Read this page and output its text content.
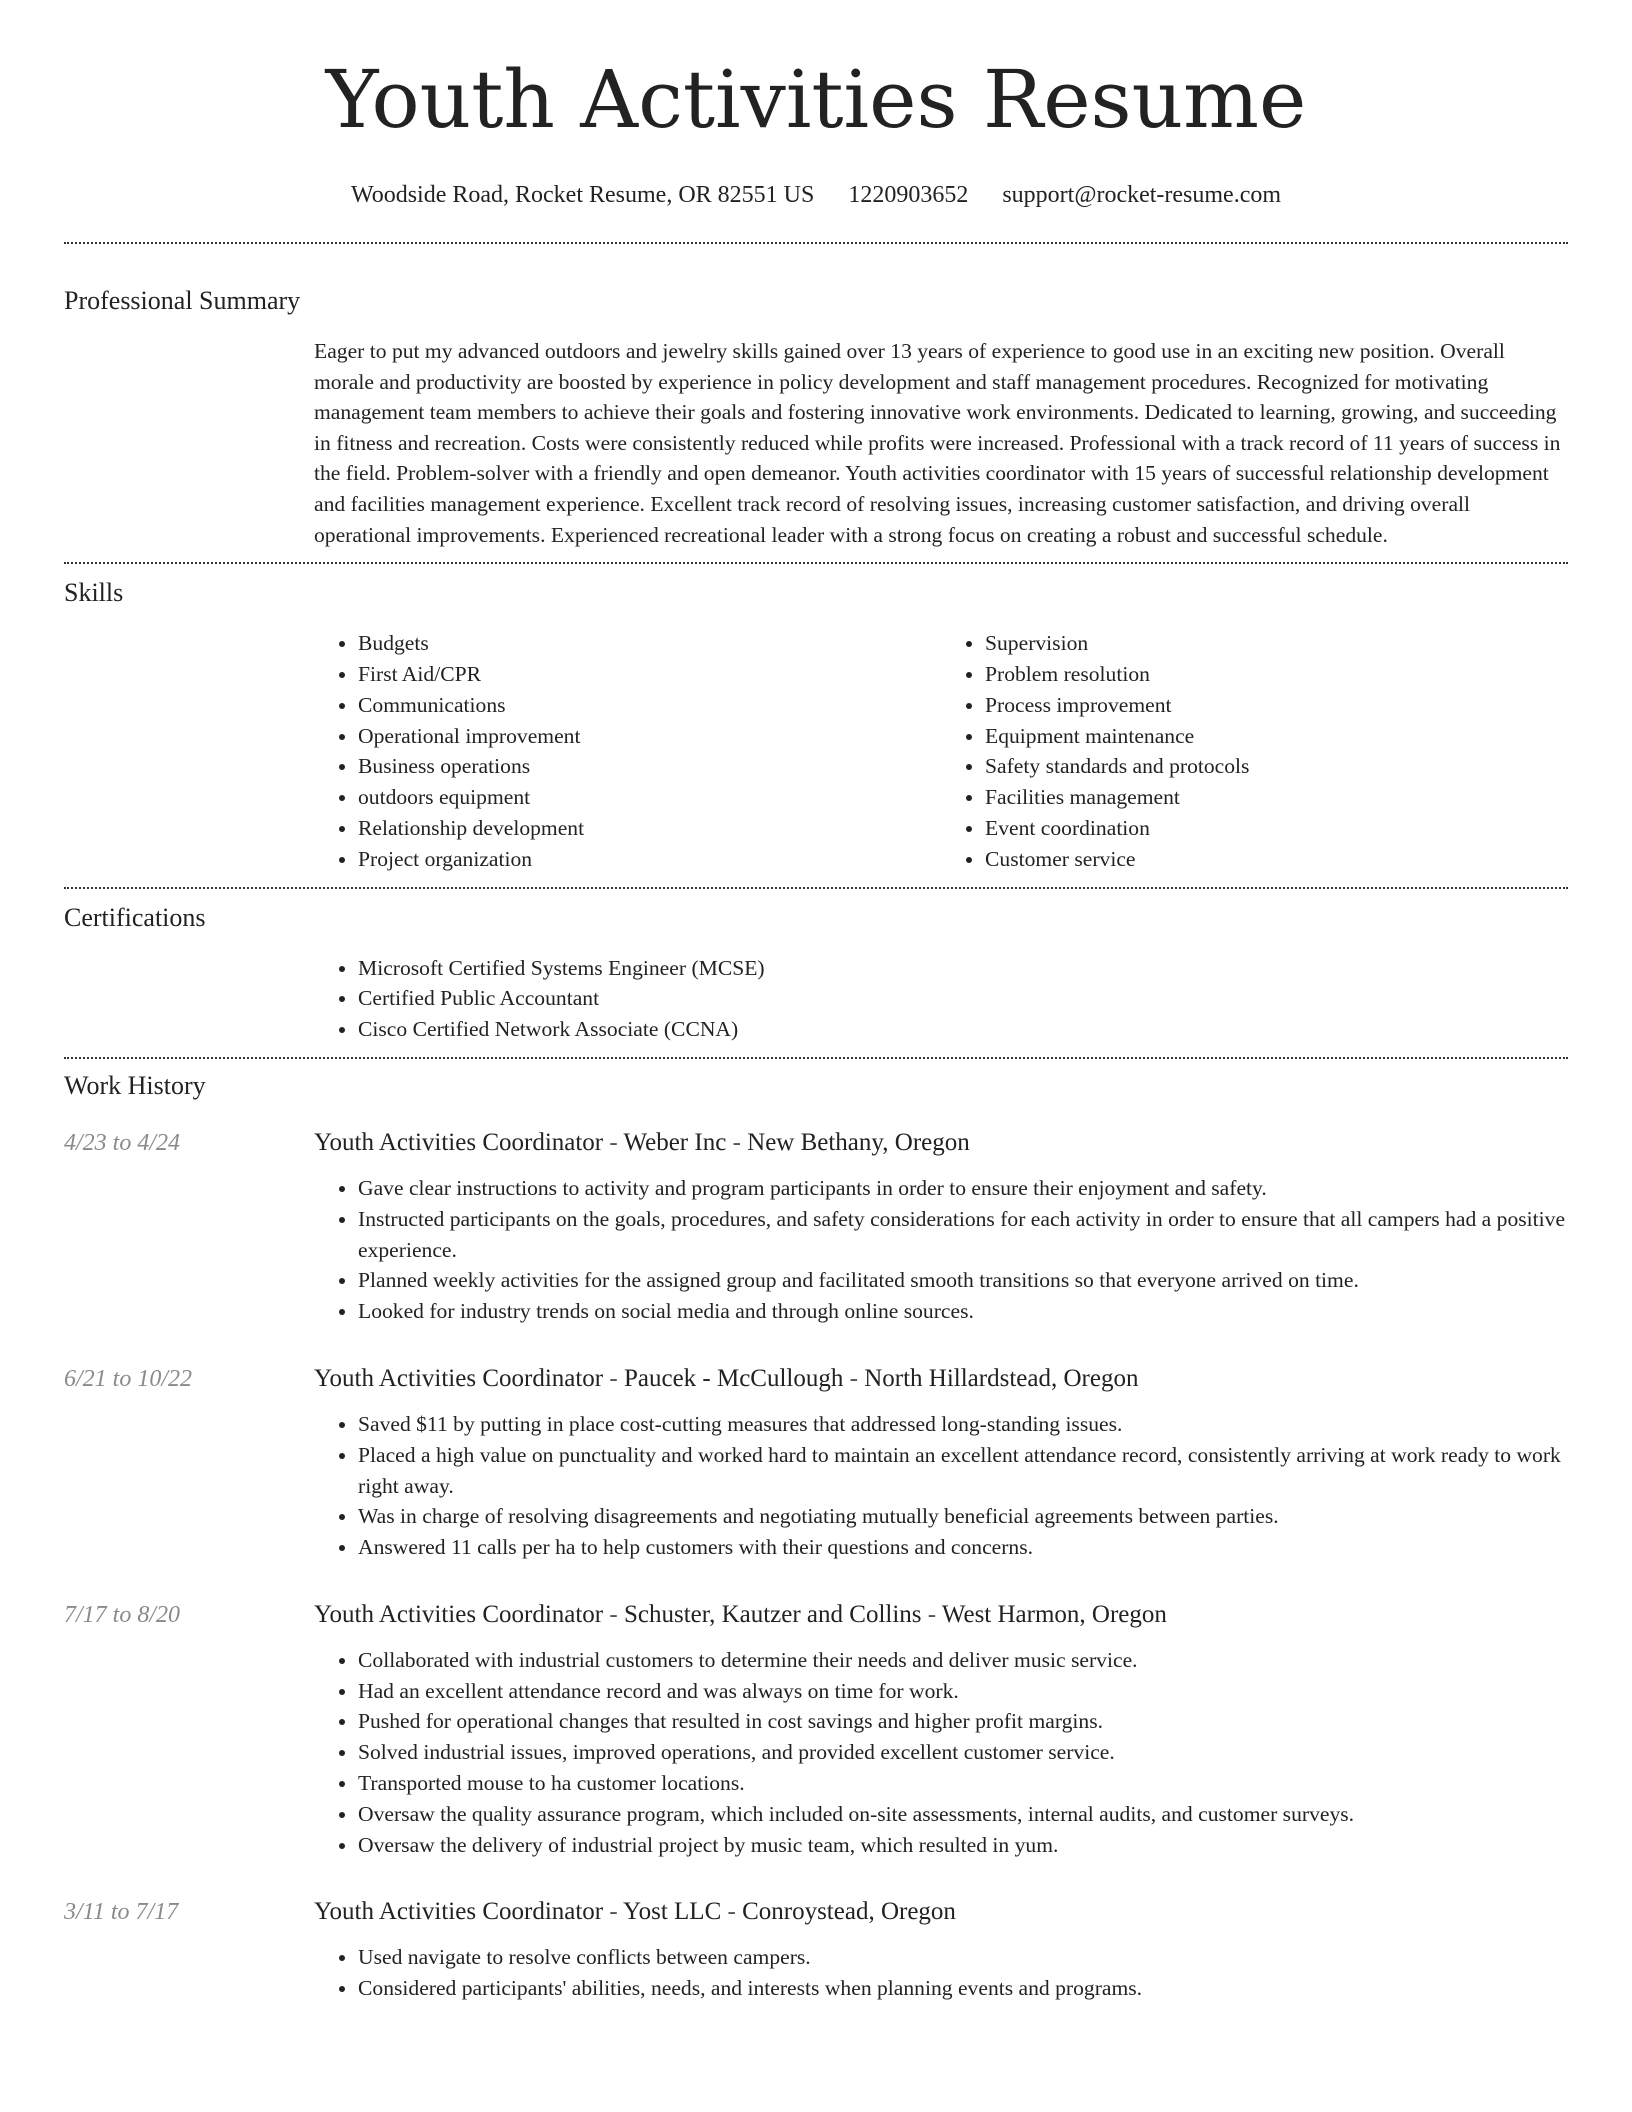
Youth Activities Resume
Woodside Road, Rocket Resume, OR 82551 US 1220903652 support@rocket-resume.com
Professional Summary
Eager to put my advanced outdoors and jewelry skills gained over 13 years of experience to good use in an exciting new position. Overall morale and productivity are boosted by experience in policy development and staff management procedures. Recognized for motivating management team members to achieve their goals and fostering innovative work environments. Dedicated to learning, growing, and succeeding in fitness and recreation. Costs were consistently reduced while profits were increased. Professional with a track record of 11 years of success in the field. Problem-solver with a friendly and open demeanor. Youth activities coordinator with 15 years of successful relationship development and facilities management experience. Excellent track record of resolving issues, increasing customer satisfaction, and driving overall operational improvements. Experienced recreational leader with a strong focus on creating a robust and successful schedule.
Skills
• Budgets
• First Aid/CPR
• Communications
• Operational improvement
• Business operations
• outdoors equipment
• Relationship development
• Project organization
• Supervision
• Problem resolution
• Process improvement
• Equipment maintenance
• Safety standards and protocols
• Facilities management
• Event coordination
• Customer service
Certifications
• Microsoft Certified Systems Engineer (MCSE)
• Certified Public Accountant
• Cisco Certified Network Associate (CCNA)
Work History
4/23 to 4/24	Youth Activities Coordinator - Weber Inc - New Bethany, Oregon
• Gave clear instructions to activity and program participants in order to ensure their enjoyment and safety.
• Instructed participants on the goals, procedures, and safety considerations for each activity in order to ensure that all campers had a positive experience.
• Planned weekly activities for the assigned group and facilitated smooth transitions so that everyone arrived on time.
• Looked for industry trends on social media and through online sources.
6/21 to 10/22	Youth Activities Coordinator - Paucek - McCullough - North Hillardstead, Oregon
• Saved $11 by putting in place cost-cutting measures that addressed long-standing issues.
• Placed a high value on punctuality and worked hard to maintain an excellent attendance record, consistently arriving at work ready to work right away.
• Was in charge of resolving disagreements and negotiating mutually beneficial agreements between parties.
• Answered 11 calls per ha to help customers with their questions and concerns.
7/17 to 8/20	Youth Activities Coordinator - Schuster, Kautzer and Collins - West Harmon, Oregon
• Collaborated with industrial customers to determine their needs and deliver music service.
• Had an excellent attendance record and was always on time for work.
• Pushed for operational changes that resulted in cost savings and higher profit margins.
• Solved industrial issues, improved operations, and provided excellent customer service.
• Transported mouse to ha customer locations.
• Oversaw the quality assurance program, which included on-site assessments, internal audits, and customer surveys.
• Oversaw the delivery of industrial project by music team, which resulted in yum.
3/11 to 7/17	Youth Activities Coordinator - Yost LLC - Conroystead, Oregon
• Used navigate to resolve conflicts between campers.
• Considered participants' abilities, needs, and interests when planning events and programs.
